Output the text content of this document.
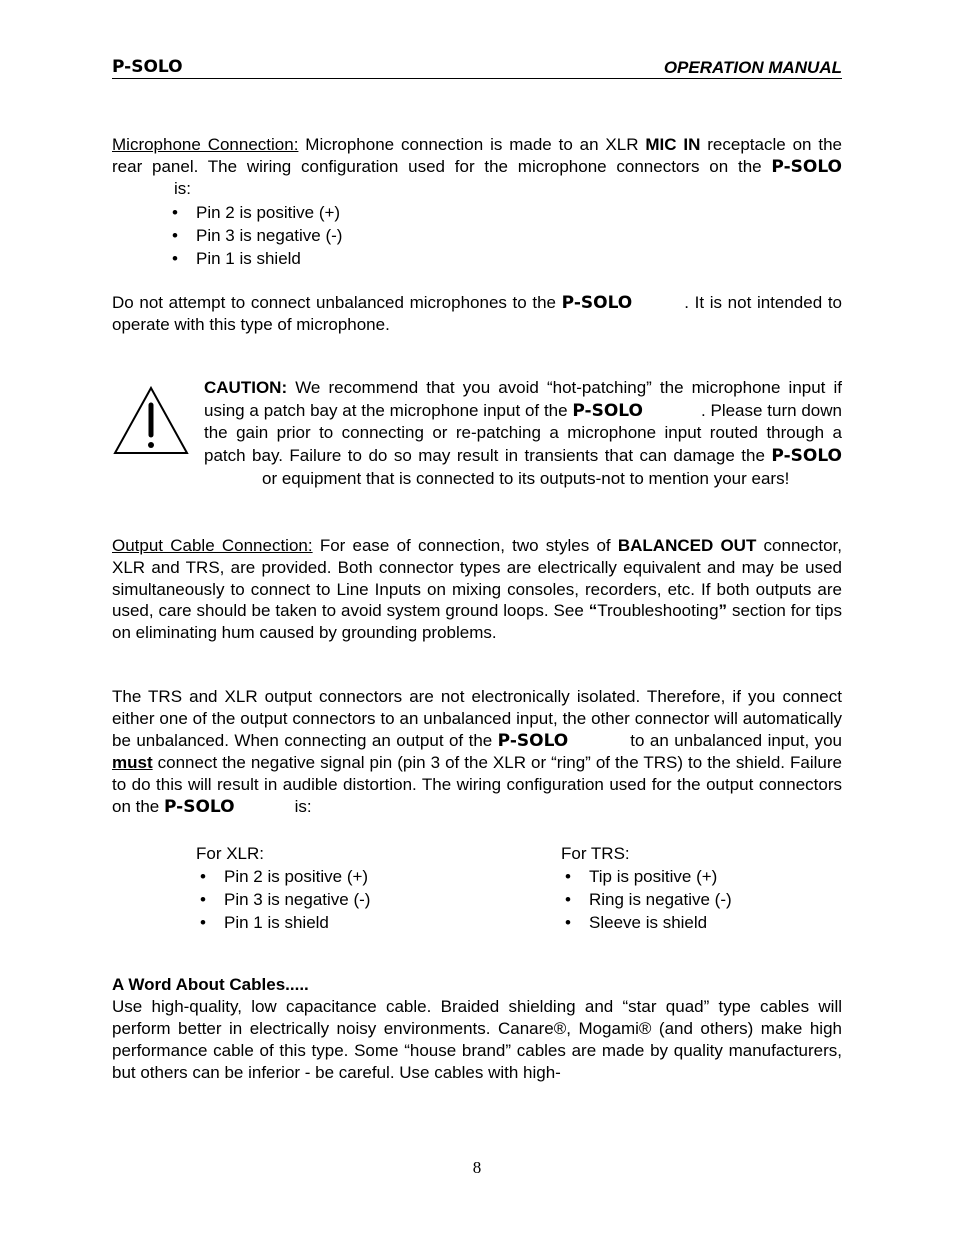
P-SOLO	OPERATION MANUAL
Microphone Connection: Microphone connection is made to an XLR MIC IN receptacle on the rear panel. The wiring configuration used for the microphone connectors on the P-SOLOis:
• Pin 2 is positive (+)
• Pin 3 is negative (-)
• Pin 1 is shield
Do not attempt to connect unbalanced microphones to the P-SOLO	. It is not intended to operate with this type of microphone.
CAUTION: We recommend that you avoid “hot-patching” the microphone input if using a patch bay at the microphone input of the P-SOLO	. Please turn down the gain prior to connecting or re-patching a microphone input routed through a patch bay. Failure to do so may result in transients that can damage the P-SOLOor equipment that is connected to its outputs-not to mention your ears!
Output Cable Connection: For ease of connection, two styles of BALANCED OUT connector, XLR and TRS, are provided. Both connector types are electrically equivalent and may be used simultaneously to connect to Line Inputs on mixing consoles, recorders, etc. If both outputs are used, care should be taken to avoid system ground loops. See “Troubleshooting” section for tips on eliminating hum caused by grounding problems.
The TRS and XLR output connectors are not electronically isolated. Therefore, if you connect either one of the output connectors to an unbalanced input, the other connector will automatically be unbalanced. When connecting an output of the P-SOLO	to an unbalanced input, you must connect the negative signal pin (pin 3 of the XLR or “ring” of the TRS) to the shield. Failure to do this will result in audible distortion. The wiring configuration used for the output connectors on the P-SOLO	is:
For XLR:
• Pin 2 is positive (+)
• Pin 3 is negative (-)
• Pin 1 is shield
For TRS:
• Tip is positive (+)
• Ring is negative (-)
• Sleeve is shield
A Word About Cables.....
Use high-quality, low capacitance cable. Braided shielding and “star quad” type cables will perform better in electrically noisy environments. Canare®, Mogami® (and others) make high performance cable of this type. Some “house brand” cables are made by quality manufacturers, but others can be inferior - be careful. Use cables with high-
8
